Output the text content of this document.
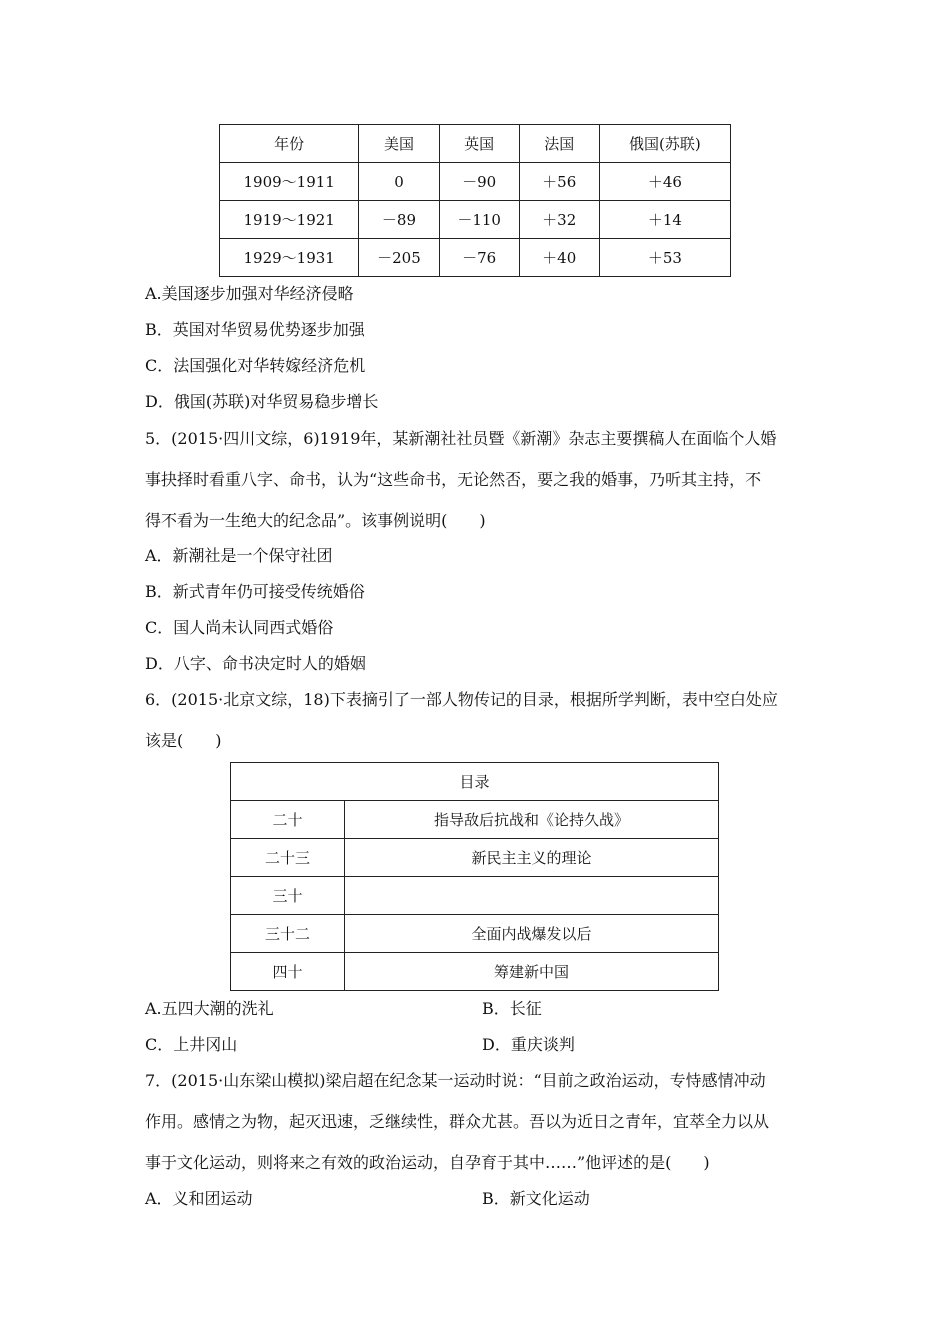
年份	美国	英国	法国	俄国(苏联)
1909～1911	0	－90	＋56	＋46
1919～1921	－89	－110	＋32	＋14
1929～1931	－205	－76	＋40	＋53
A.美国逐步加强对华经济侵略
B．英国对华贸易优势逐步加强
C．法国强化对华转嫁经济危机
D．俄国(苏联)对华贸易稳步增长
5．(2015·四川文综，6)1919年，某新潮社社员暨《新潮》杂志主要撰稿人在面临个人婚
事抉择时看重八字、命书，认为“这些命书，无论然否，要之我的婚事，乃听其主持，不
得不看为一生绝大的纪念品”。该事例说明(　　)
A．新潮社是一个保守社团
B．新式青年仍可接受传统婚俗
C．国人尚未认同西式婚俗
D．八字、命书决定时人的婚姻
6．(2015·北京文综，18)下表摘引了一部人物传记的目录，根据所学判断，表中空白处应
该是(　　)
目录	
二十	指导敌后抗战和《论持久战》
二十三	新民主主义的理论
三十	
三十二	全面内战爆发以后
四十	筹建新中国
A.五四大潮的洗礼	B．长征
C．上井冈山	D．重庆谈判
7．(2015·山东梁山模拟)梁启超在纪念某一运动时说：“目前之政治运动，专恃感情冲动
作用。感情之为物，起灭迅速，乏继续性，群众尤甚。吾以为近日之青年，宜萃全力以从
事于文化运动，则将来之有效的政治运动，自孕育于其中……”他评述的是(　　)
A．义和团运动	B．新文化运动
